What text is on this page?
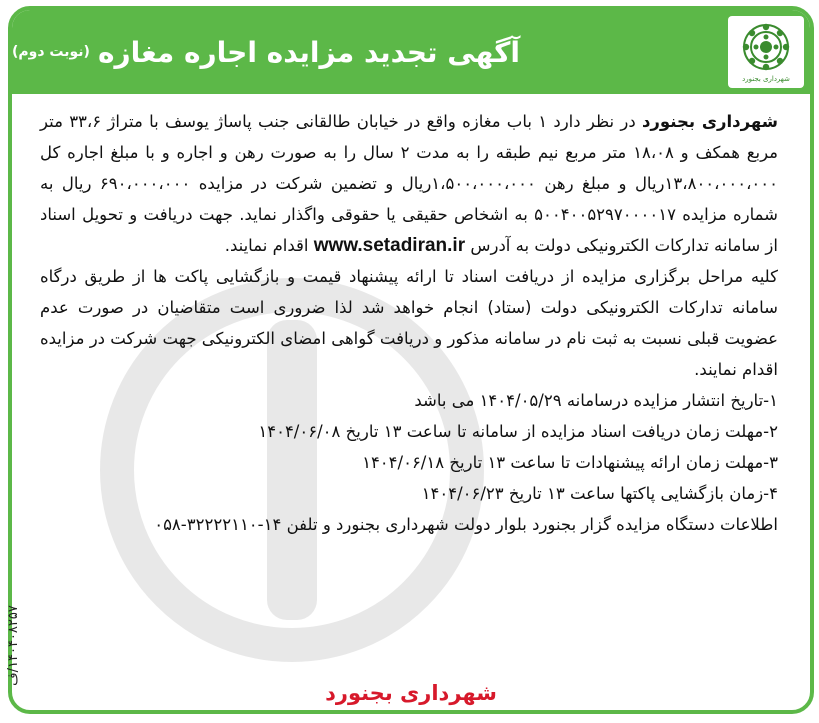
آگهی تجدید مزایده اجاره مغازه
(نوبت دوم)
شهرداری بجنورد

شهرداری بجنورد در نظر دارد ۱ باب مغازه واقع در خیابان طالقانی جنب پاساژ یوسف با متراژ ۳۳،۶ متر مربع همکف و ۱۸،۰۸ متر مربع نیم طبقه را به مدت ۲ سال را به صورت رهن و اجاره و با مبلغ اجاره کل ۱۳،۸۰۰،۰۰۰،۰۰۰ریال و مبلغ رهن ۱،۵۰۰،۰۰۰،۰۰۰ریال و تضمین شرکت در مزایده ۶۹۰،۰۰۰،۰۰۰ ریال به شماره مزایده ۵۰۰۴۰۰۵۲۹۷۰۰۰۰۱۷ به اشخاص حقیقی یا حقوقی واگذار نماید. جهت دریافت و تحویل اسناد از سامانه تدارکات الکترونیکی دولت به آدرس www.setadiran.ir اقدام نمایند.

کلیه مراحل برگزاری مزایده از دریافت اسناد تا ارائه پیشنهاد قیمت و بازگشایی پاکت ها از طریق درگاه سامانه تدارکات الکترونیکی دولت (ستاد) انجام خواهد شد لذا ضروری است متقاضیان در صورت عدم عضویت قبلی نسبت به ثبت نام در سامانه مذکور و دریافت گواهی امضای الکترونیکی جهت شرکت در مزایده اقدام نمایند.

۱-تاریخ انتشار مزایده درسامانه ۱۴۰۴/۰۵/۲۹ می باشد
۲-مهلت زمان دریافت اسناد مزایده از سامانه تا ساعت ۱۳ تاریخ ۱۴۰۴/۰۶/۰۸
۳-مهلت زمان ارائه پیشنهادات تا ساعت ۱۳ تاریخ ۱۴۰۴/۰۶/۱۸
۴-زمان بازگشایی پاکتها ساعت ۱۳ تاریخ ۱۴۰۴/۰۶/۲۳
اطلاعات دستگاه مزایده گزار بجنورد بلوار دولت شهرداری بجنورد و تلفن ۱۴-۳۲۲۲۲۱۱۰-۰۵۸
شهرداری بجنورد
۱۴۰۴۰۸۲۵۷/ف
